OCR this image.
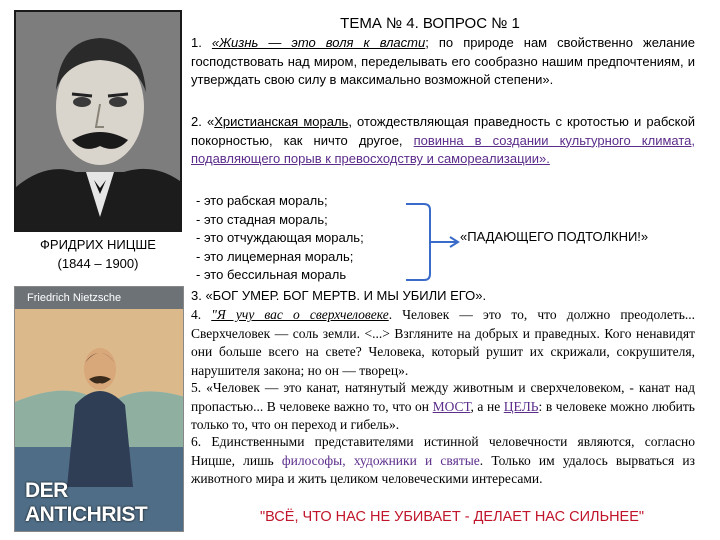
ФРИДРИХ НИЦШЕ
(1844 – 1900)
Friedrich Nietzsche
DER ANTICHRIST
ТЕМА № 4. ВОПРОС № 1
1. «Жизнь — это воля к власти; по природе нам свойственно желание господствовать над миром, переделывать его сообразно нашим предпочтениям, и утверждать свою силу в максимально возможной степени».
2. «Христианская мораль, отождествляющая праведность с кротостью и рабской покорностью, как ничто другое, повинна в создании культурного климата, подавляющего порыв к превосходству и самореализации».
- это рабская мораль;
- это стадная мораль;
- это отчуждающая мораль;
- это лицемерная мораль;
- это бессильная мораль
«ПАДАЮЩЕГО ПОДТОЛКНИ!»
3. «БОГ УМЕР. БОГ МЕРТВ. И МЫ УБИЛИ ЕГО».
4. "Я учу вас о сверхчеловеке. Человек — это то, что должно преодолеть... Сверхчеловек — соль земли. <...> Взгляните на добрых и праведных. Кого ненавидят они больше всего на свете? Человека, который рушит их скрижали, сокрушителя, нарушителя закона; но он — творец».
5. «Человек — это канат, натянутый между животным и сверхчеловеком, - канат над пропастью... В человеке важно то, что он МОСТ, а не ЦЕЛЬ: в человеке можно любить только то, что он переход и гибель».
6. Единственными представителями истинной человечности являются, согласно Ницше, лишь философы, художники и святые. Только им удалось вырваться из животного мира и жить целиком человеческими интересами.
"ВСЁ, ЧТО НАС НЕ УБИВАЕТ - ДЕЛАЕТ НАС СИЛЬНЕЕ"
